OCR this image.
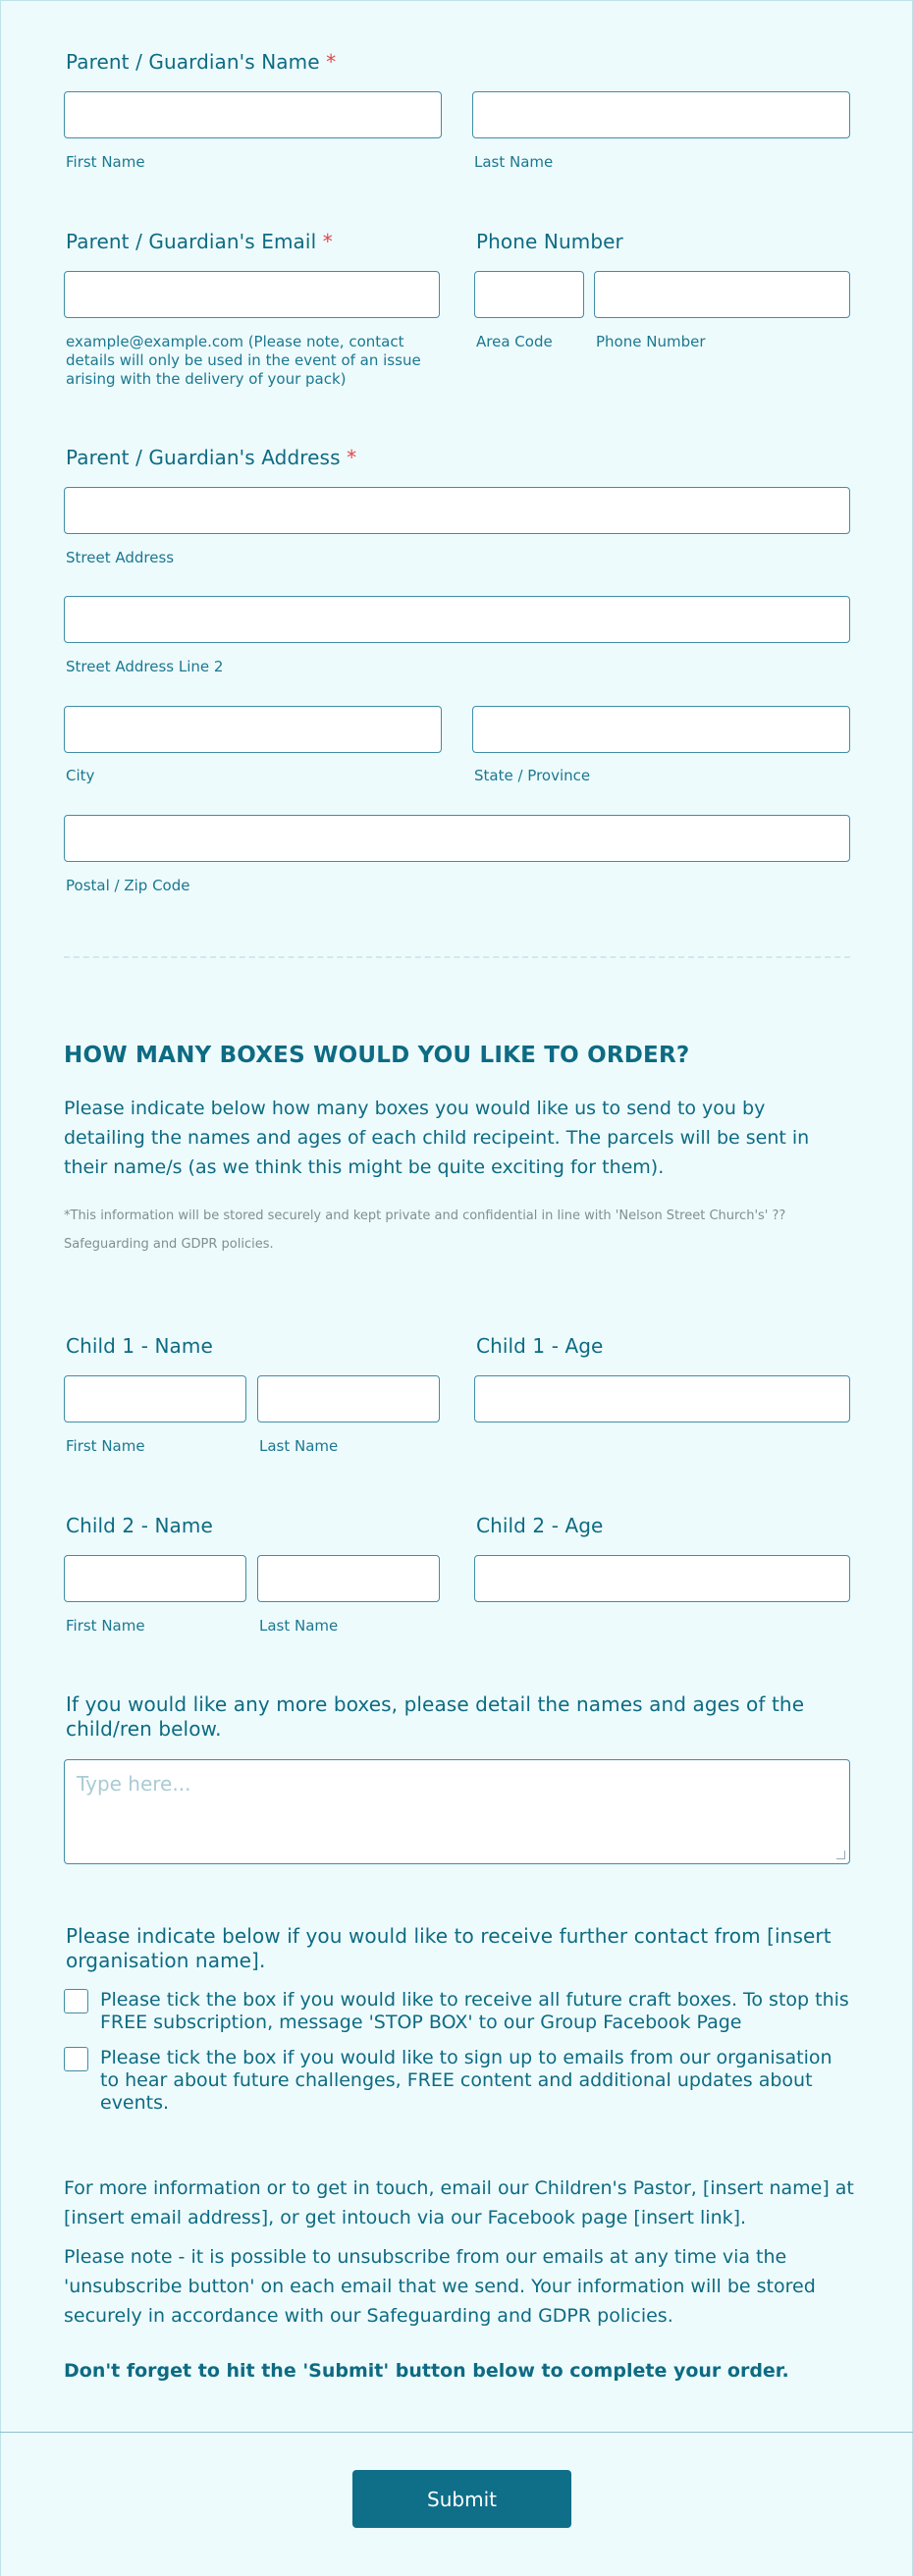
Parent / Guardian's Name *
First Name	Last Name
Parent / Guardian's Email *	Phone Number
example@example.com (Please note, contact details will only be used in the event of an issue arising with the delivery of your pack)
Area Code	Phone Number
Parent / Guardian's Address *
Street Address
Street Address Line 2
City	State / Province
Postal / Zip Code
HOW MANY BOXES WOULD YOU LIKE TO ORDER?
Please indicate below how many boxes you would like us to send to you by detailing the names and ages of each child recipeint. The parcels will be sent in their name/s (as we think this might be quite exciting for them).
*This information will be stored securely and kept private and confidential in line with 'Nelson Street Church's' ??Safeguarding and GDPR policies.
Child 1 - Name	Child 1 - Age
First Name	Last Name
Child 2 - Name	Child 2 - Age
First Name	Last Name
If you would like any more boxes, please detail the names and ages of the child/ren below.
Type here...
Please indicate below if you would like to receive further contact from [insert organisation name].
Please tick the box if you would like to receive all future craft boxes. To stop this FREE subscription, message 'STOP BOX' to our Group Facebook Page
Please tick the box if you would like to sign up to emails from our organisation to hear about future challenges, FREE content and additional updates about events.
For more information or to get in touch, email our Children's Pastor, [insert name] at [insert email address], or get intouch via our Facebook page [insert link].
Please note - it is possible to unsubscribe from our emails at any time via the 'unsubscribe button' on each email that we send. Your information will be stored securely in accordance with our Safeguarding and GDPR policies.
Don't forget to hit the 'Submit' button below to complete your order.
Submit
